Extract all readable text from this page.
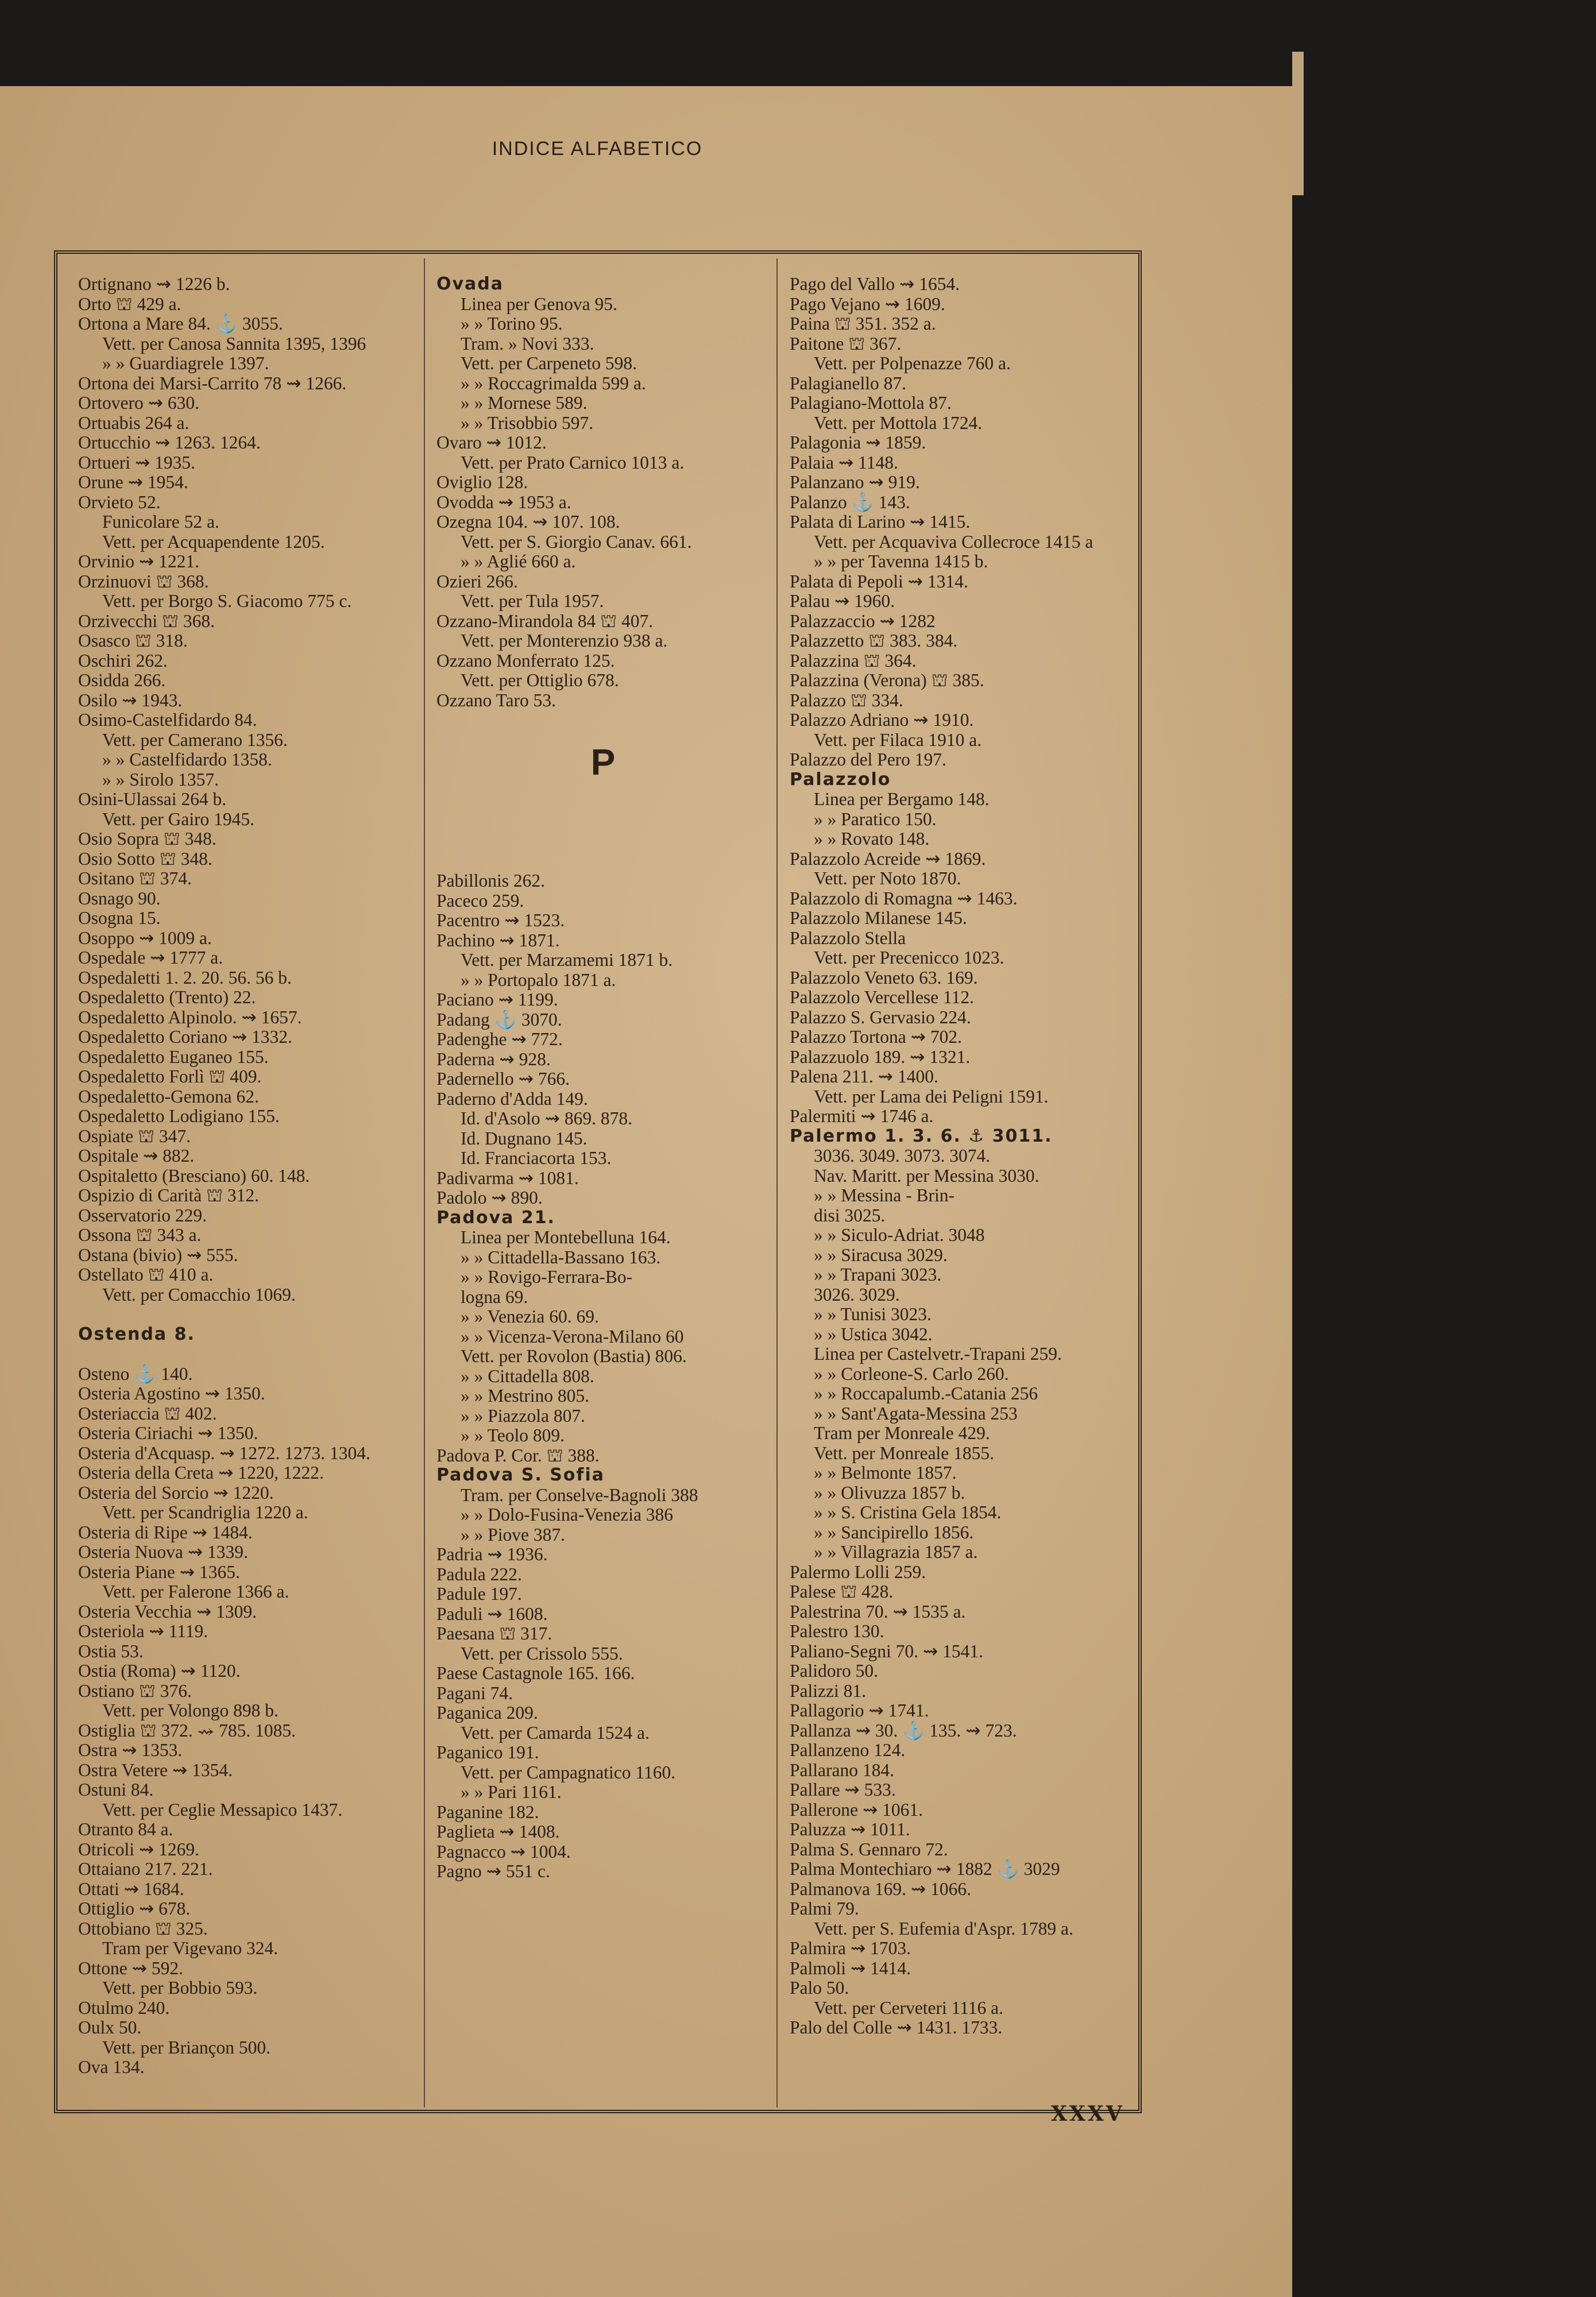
INDICE ALFABETICO
Ortignano ⇝ 1226 b.
Orto ⛫ 429 a.
Ortona a Mare 84. ⚓ 3055.
Vett. per Canosa Sannita 1395, 1396
» » Guardiagrele 1397.
Ortona dei Marsi-Carrito 78 ⇝ 1266.
Ortovero ⇝ 630.
Ortuabis 264 a.
Ortucchio ⇝ 1263. 1264.
Ortueri ⇝ 1935.
Orune ⇝ 1954.
Orvieto 52.
Funicolare 52 a.
Vett. per Acquapendente 1205.
Orvinio ⇝ 1221.
Orzinuovi ⛫ 368.
Vett. per Borgo S. Giacomo 775 c.
Orzivecchi ⛫ 368.
Osasco ⛫ 318.
Oschiri 262.
Osidda 266.
Osilo ⇝ 1943.
Osimo-Castelfidardo 84.
Vett. per Camerano 1356.
» » Castelfidardo 1358.
» » Sirolo 1357.
Osini-Ulassai 264 b.
Vett. per Gairo 1945.
Osio Sopra ⛫ 348.
Osio Sotto ⛫ 348.
Ositano ⛫ 374.
Osnago 90.
Osogna 15.
Osoppo ⇝ 1009 a.
Ospedale ⇝ 1777 a.
Ospedaletti 1. 2. 20. 56. 56 b.
Ospedaletto (Trento) 22.
Ospedaletto Alpinolo. ⇝ 1657.
Ospedaletto Coriano ⇝ 1332.
Ospedaletto Euganeo 155.
Ospedaletto Forlì ⛫ 409.
Ospedaletto-Gemona 62.
Ospedaletto Lodigiano 155.
Ospiate ⛫ 347.
Ospitale ⇝ 882.
Ospitaletto (Bresciano) 60. 148.
Ospizio di Carità ⛫ 312.
Osservatorio 229.
Ossona ⛫ 343 a.
Ostana (bivio) ⇝ 555.
Ostellato ⛫ 410 a.
Vett. per Comacchio 1069.
Ostenda 8.
Osteno ⚓ 140.
Osteria Agostino ⇝ 1350.
Osteriaccia ⛫ 402.
Osteria Ciriachi ⇝ 1350.
Osteria d'Acquasp. ⇝ 1272. 1273. 1304.
Osteria della Creta ⇝ 1220, 1222.
Osteria del Sorcio ⇝ 1220.
Vett. per Scandriglia 1220 a.
Osteria di Ripe ⇝ 1484.
Osteria Nuova ⇝ 1339.
Osteria Piane ⇝ 1365.
Vett. per Falerone 1366 a.
Osteria Vecchia ⇝ 1309.
Osteriola ⇝ 1119.
Ostia 53.
Ostia (Roma) ⇝ 1120.
Ostiano ⛫ 376.
Vett. per Volongo 898 b.
Ostiglia ⛫ 372. ⇝ 785. 1085.
Ostra ⇝ 1353.
Ostra Vetere ⇝ 1354.
Ostuni 84.
Vett. per Ceglie Messapico 1437.
Otranto 84 a.
Otricoli ⇝ 1269.
Ottaiano 217. 221.
Ottati ⇝ 1684.
Ottiglio ⇝ 678.
Ottobiano ⛫ 325.
Tram per Vigevano 324.
Ottone ⇝ 592.
Vett. per Bobbio 593.
Otulmo 240.
Oulx 50.
Vett. per Briançon 500.
Ova 134.
Ovada
Linea per Genova 95.
» » Torino 95.
Tram. » Novi 333.
Vett. per Carpeneto 598.
» » Roccagrimalda 599 a.
» » Mornese 589.
» » Trisobbio 597.
Ovaro ⇝ 1012.
Vett. per Prato Carnico 1013 a.
Oviglio 128.
Ovodda ⇝ 1953 a.
Ozegna 104. ⇝ 107. 108.
Vett. per S. Giorgio Canav. 661.
» » Aglié 660 a.
Ozieri 266.
Vett. per Tula 1957.
Ozzano-Mirandola 84 ⛫ 407.
Vett. per Monterenzio 938 a.
Ozzano Monferrato 125.
Vett. per Ottiglio 678.
Ozzano Taro 53.
P
Pabillonis 262.
Paceco 259.
Pacentro ⇝ 1523.
Pachino ⇝ 1871.
Vett. per Marzamemi 1871 b.
» » Portopalo 1871 a.
Paciano ⇝ 1199.
Padang ⚓ 3070.
Padenghe ⇝ 772.
Paderna ⇝ 928.
Padernello ⇝ 766.
Paderno d'Adda 149.
Id. d'Asolo ⇝ 869. 878.
Id. Dugnano 145.
Id. Franciacorta 153.
Padivarma ⇝ 1081.
Padolo ⇝ 890.
Padova 21.
Linea per Montebelluna 164.
» » Cittadella-Bassano 163.
» » Rovigo-Ferrara-Bo-
logna 69.
» » Venezia 60. 69.
» » Vicenza-Verona-Milano 60
Vett. per Rovolon (Bastia) 806.
» » Cittadella 808.
» » Mestrino 805.
» » Piazzola 807.
» » Teolo 809.
Padova P. Cor. ⛫ 388.
Padova S. Sofia
Tram. per Conselve-Bagnoli 388
» » Dolo-Fusina-Venezia 386
» » Piove 387.
Padria ⇝ 1936.
Padula 222.
Padule 197.
Paduli ⇝ 1608.
Paesana ⛫ 317.
Vett. per Crissolo 555.
Paese Castagnole 165. 166.
Pagani 74.
Paganica 209.
Vett. per Camarda 1524 a.
Paganico 191.
Vett. per Campagnatico 1160.
» » Pari 1161.
Paganine 182.
Paglieta ⇝ 1408.
Pagnacco ⇝ 1004.
Pagno ⇝ 551 c.
Pago del Vallo ⇝ 1654.
Pago Vejano ⇝ 1609.
Paina ⛫ 351. 352 a.
Paitone ⛫ 367.
Vett. per Polpenazze 760 a.
Palagianello 87.
Palagiano-Mottola 87.
Vett. per Mottola 1724.
Palagonia ⇝ 1859.
Palaia ⇝ 1148.
Palanzano ⇝ 919.
Palanzo ⚓ 143.
Palata di Larino ⇝ 1415.
Vett. per Acquaviva Collecroce 1415 a
» » per Tavenna 1415 b.
Palata di Pepoli ⇝ 1314.
Palau ⇝ 1960.
Palazzaccio ⇝ 1282
Palazzetto ⛫ 383. 384.
Palazzina ⛫ 364.
Palazzina (Verona) ⛫ 385.
Palazzo ⛫ 334.
Palazzo Adriano ⇝ 1910.
Vett. per Filaca 1910 a.
Palazzo del Pero 197.
Palazzolo
Linea per Bergamo 148.
» » Paratico 150.
» » Rovato 148.
Palazzolo Acreide ⇝ 1869.
Vett. per Noto 1870.
Palazzolo di Romagna ⇝ 1463.
Palazzolo Milanese 145.
Palazzolo Stella
Vett. per Precenicco 1023.
Palazzolo Veneto 63. 169.
Palazzolo Vercellese 112.
Palazzo S. Gervasio 224.
Palazzo Tortona ⇝ 702.
Palazzuolo 189. ⇝ 1321.
Palena 211. ⇝ 1400.
Vett. per Lama dei Peligni 1591.
Palermiti ⇝ 1746 a.
Palermo 1. 3. 6. ⚓ 3011.
3036. 3049. 3073. 3074.
Nav. Maritt. per Messina 3030.
» » Messina - Brin-
disi 3025.
» » Siculo-Adriat. 3048
» » Siracusa 3029.
» » Trapani 3023.
3026. 3029.
» » Tunisi 3023.
» » Ustica 3042.
Linea per Castelvetr.-Trapani 259.
» » Corleone-S. Carlo 260.
» » Roccapalumb.-Catania 256
» » Sant'Agata-Messina 253
Tram per Monreale 429.
Vett. per Monreale 1855.
» » Belmonte 1857.
» » Olivuzza 1857 b.
» » S. Cristina Gela 1854.
» » Sancipirello 1856.
» » Villagrazia 1857 a.
Palermo Lolli 259.
Palese ⛫ 428.
Palestrina 70. ⇝ 1535 a.
Palestro 130.
Paliano-Segni 70. ⇝ 1541.
Palidoro 50.
Palizzi 81.
Pallagorio ⇝ 1741.
Pallanza ⇝ 30. ⚓ 135. ⇝ 723.
Pallanzeno 124.
Pallarano 184.
Pallare ⇝ 533.
Pallerone ⇝ 1061.
Paluzza ⇝ 1011.
Palma S. Gennaro 72.
Palma Montechiaro ⇝ 1882 ⚓ 3029
Palmanova 169. ⇝ 1066.
Palmi 79.
Vett. per S. Eufemia d'Aspr. 1789 a.
Palmira ⇝ 1703.
Palmoli ⇝ 1414.
Palo 50.
Vett. per Cerveteri 1116 a.
Palo del Colle ⇝ 1431. 1733.
XXXV
